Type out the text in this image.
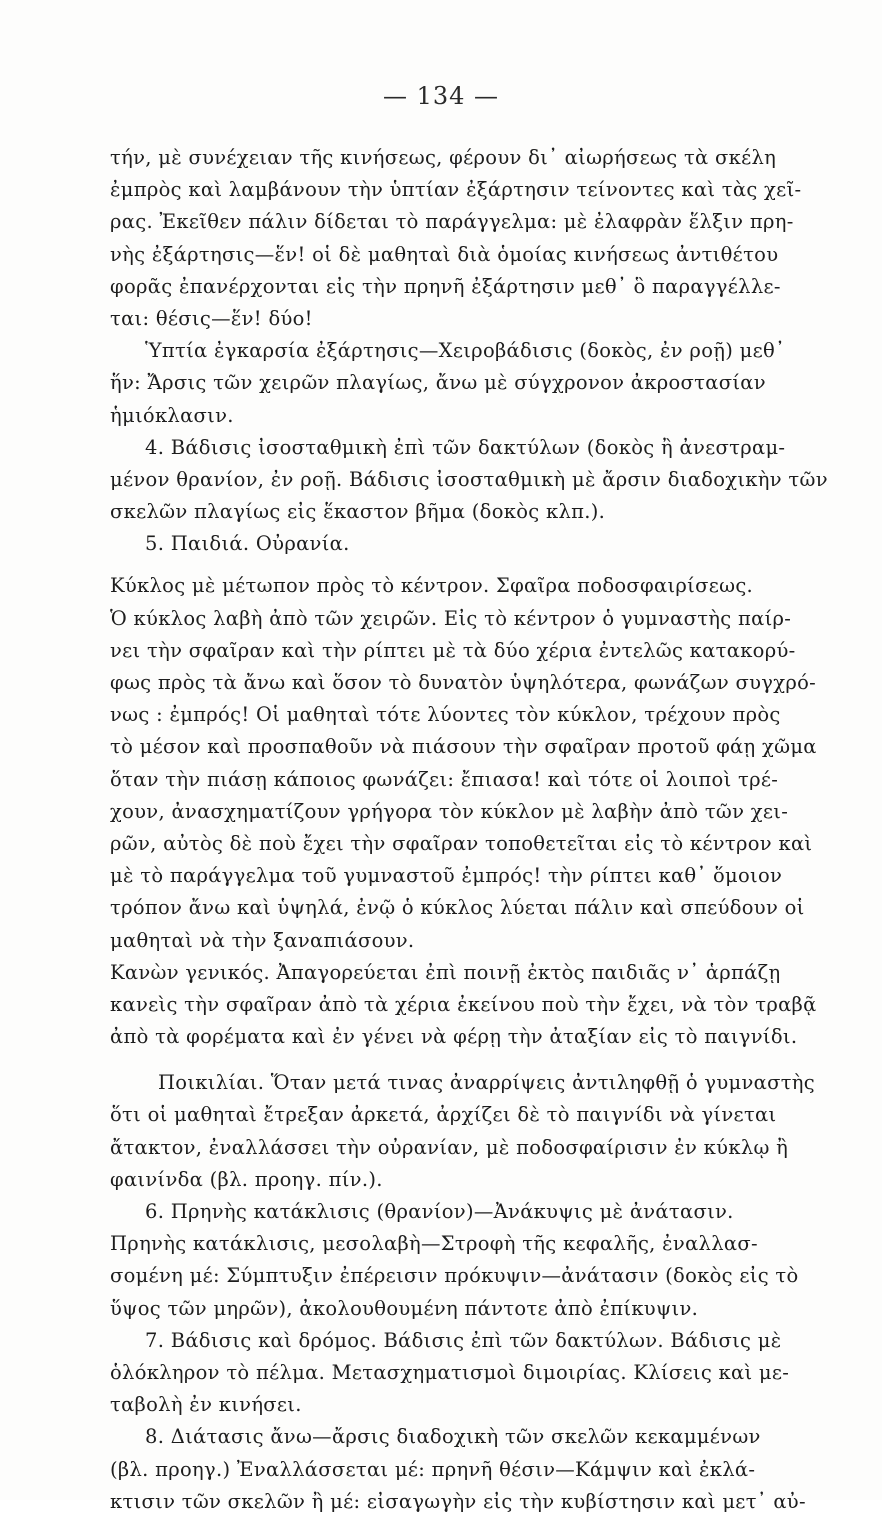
— 134 —
τήν, μὲ συνέχειαν τῆς κινήσεως, φέρουν δι᾽ αἰωρήσεως τὰ σκέλη
ἐμπρὸς καὶ λαμβάνουν τὴν ὑπτίαν ἐξάρτησιν τείνοντες καὶ τὰς χεῖ-
ρας. Ἐκεῖθεν πάλιν δίδεται τὸ παράγγελμα: μὲ ἐλαφρὰν ἕλξιν πρη-
νὴς ἐξάρτησις—ἕν! οἱ δὲ μαθηταὶ διὰ ὁμοίας κινήσεως ἀντιθέτου
φορᾶς ἐπανέρχονται εἰς τὴν πρηνῆ ἐξάρτησιν μεθ᾽ ὃ παραγγέλλε-
ται: θέσις—ἕν! δύο!
Ὑπτία ἐγκαρσία ἐξάρτησις—Χειροβάδισις (δοκὸς, ἐν ροῇ) μεθ᾽
ἥν: Ἄρσις τῶν χειρῶν πλαγίως, ἄνω μὲ σύγχρονον ἀκροστασίαν
ἡμιόκλασιν.
4. Βάδισις ἰσοσταθμικὴ ἐπὶ τῶν δακτύλων (δοκὸς ἢ ἀνεστραμ-
μένον θρανίον, ἐν ροῇ. Βάδισις ἰσοσταθμικὴ μὲ ἄρσιν διαδοχικὴν τῶν
σκελῶν πλαγίως εἰς ἕκαστον βῆμα (δοκὸς κλπ.).
5. Παιδιά. Οὐρανία.
Κύκλος μὲ μέτωπον πρὸς τὸ κέντρον. Σφαῖρα ποδοσφαιρίσεως.
Ὁ κύκλος λαβὴ ἀπὸ τῶν χειρῶν. Εἰς τὸ κέντρον ὁ γυμναστὴς παίρ-
νει τὴν σφαῖραν καὶ τὴν ρίπτει μὲ τὰ δύο χέρια ἐντελῶς κατακορύ-
φως πρὸς τὰ ἄνω καὶ ὅσον τὸ δυνατὸν ὑψηλότερα, φωνάζων συγχρό-
νως : ἐμπρός! Οἱ μαθηταὶ τότε λύοντες τὸν κύκλον, τρέχουν πρὸς
τὸ μέσον καὶ προσπαθοῦν νὰ πιάσουν τὴν σφαῖραν προτοῦ φάῃ χῶμα
ὅταν τὴν πιάσῃ κάποιος φωνάζει: ἔπιασα! καὶ τότε οἱ λοιποὶ τρέ-
χουν, ἀνασχηματίζουν γρήγορα τὸν κύκλον μὲ λαβὴν ἀπὸ τῶν χει-
ρῶν, αὐτὸς δὲ ποὺ ἔχει τὴν σφαῖραν τοποθετεῖται εἰς τὸ κέντρον καὶ
μὲ τὸ παράγγελμα τοῦ γυμναστοῦ ἐμπρός! τὴν ρίπτει καθ᾽ ὅμοιον
τρόπον ἄνω καὶ ὑψηλά, ἐνῷ ὁ κύκλος λύεται πάλιν καὶ σπεύδουν οἱ
μαθηταὶ νὰ τὴν ξαναπιάσουν.
Κανὼν γενικός. Ἀπαγορεύεται ἐπὶ ποινῇ ἐκτὸς παιδιᾶς ν᾽ ἁρπάζῃ
κανεὶς τὴν σφαῖραν ἀπὸ τὰ χέρια ἐκείνου ποὺ τὴν ἔχει, νὰ τὸν τραβᾷ
ἀπὸ τὰ φορέματα καὶ ἐν γένει νὰ φέρῃ τὴν ἀταξίαν εἰς τὸ παιγνίδι.
Ποικιλίαι. Ὅταν μετά τινας ἀναρρίψεις ἀντιληφθῇ ὁ γυμναστὴς
ὅτι οἱ μαθηταὶ ἔτρεξαν ἀρκετά, ἀρχίζει δὲ τὸ παιγνίδι νὰ γίνεται
ἄτακτον, ἐναλλάσσει τὴν οὐρανίαν, μὲ ποδοσφαίρισιν ἐν κύκλῳ ἢ
φαινίνδα (βλ. προηγ. πίν.).
6. Πρηνὴς κατάκλισις (θρανίον)—Ἀνάκυψις μὲ ἀνάτασιν.
Πρηνὴς κατάκλισις, μεσολαβὴ—Στροφὴ τῆς κεφαλῆς, ἐναλλασ-
σομένη μέ: Σύμπτυξιν ἐπέρεισιν πρόκυψιν—ἀνάτασιν (δοκὸς εἰς τὸ
ὕψος τῶν μηρῶν), ἀκολουθουμένη πάντοτε ἀπὸ ἐπίκυψιν.
7. Βάδισις καὶ δρόμος. Βάδισις ἐπὶ τῶν δακτύλων. Βάδισις μὲ
ὁλόκληρον τὸ πέλμα. Μετασχηματισμοὶ διμοιρίας. Κλίσεις καὶ με-
ταβολὴ ἐν κινήσει.
8. Διάτασις ἄνω—ἄρσις διαδοχικὴ τῶν σκελῶν κεκαμμένων
(βλ. προηγ.) Ἐναλλάσσεται μέ: πρηνῆ θέσιν—Κάμψιν καὶ ἐκλά-
κτισιν τῶν σκελῶν ἢ μέ: εἰσαγωγὴν εἰς τὴν κυβίστησιν καὶ μετ᾽ αὐ-
